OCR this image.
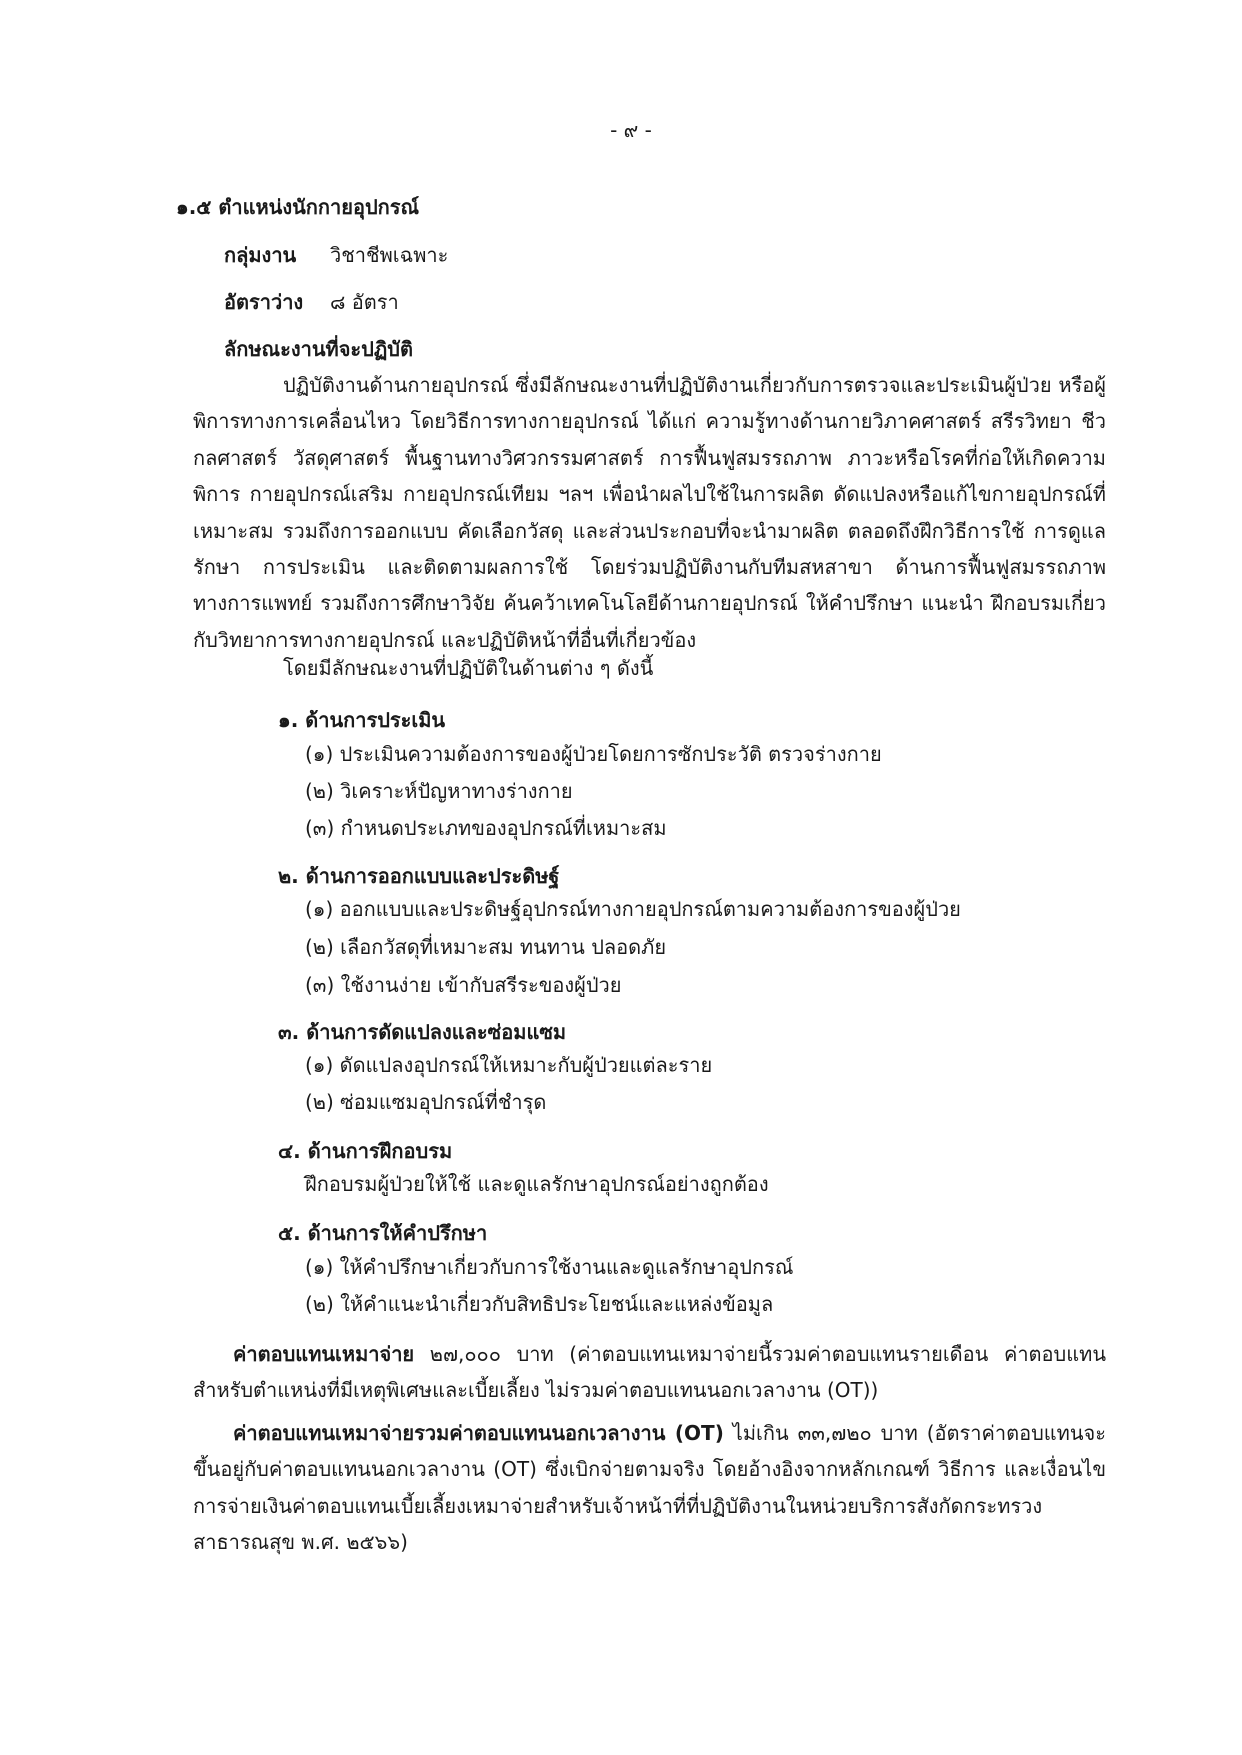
- ๙ -
๑.๕ ตำแหน่งนักกายอุปกรณ์
กลุ่มงาน วิชาชีพเฉพาะ
อัตราว่าง ๘ อัตรา
ลักษณะงานที่จะปฏิบัติ
ปฏิบัติงานด้านกายอุปกรณ์ ซึ่งมีลักษณะงานที่ปฏิบัติงานเกี่ยวกับการตรวจและประเมินผู้ป่วย หรือผู้พิการทางการเคลื่อนไหว โดยวิธีการทางกายอุปกรณ์ ได้แก่ ความรู้ทางด้านกายวิภาคศาสตร์ สรีรวิทยา ชีวกลศาสตร์ วัสดุศาสตร์ พื้นฐานทางวิศวกรรมศาสตร์ การฟื้นฟูสมรรถภาพ ภาวะหรือโรคที่ก่อให้เกิดความพิการ กายอุปกรณ์เสริม กายอุปกรณ์เทียม ฯลฯ เพื่อนำผลไปใช้ในการผลิต ดัดแปลงหรือแก้ไขกายอุปกรณ์ที่เหมาะสม รวมถึงการออกแบบ คัดเลือกวัสดุ และส่วนประกอบที่จะนำมาผลิต ตลอดถึงฝึกวิธีการใช้ การดูแลรักษา การประเมิน และติดตามผลการใช้ โดยร่วมปฏิบัติงานกับทีมสหสาขา ด้านการฟื้นฟูสมรรถภาพทางการแพทย์ รวมถึงการศึกษาวิจัย ค้นคว้าเทคโนโลยีด้านกายอุปกรณ์ ให้คำปรึกษา แนะนำ ฝึกอบรมเกี่ยวกับวิทยาการทางกายอุปกรณ์ และปฏิบัติหน้าที่อื่นที่เกี่ยวข้อง
โดยมีลักษณะงานที่ปฏิบัติในด้านต่าง ๆ ดังนี้
๑. ด้านการประเมิน
(๑) ประเมินความต้องการของผู้ป่วยโดยการซักประวัติ ตรวจร่างกาย
(๒) วิเคราะห์ปัญหาทางร่างกาย
(๓) กำหนดประเภทของอุปกรณ์ที่เหมาะสม
๒. ด้านการออกแบบและประดิษฐ์
(๑) ออกแบบและประดิษฐ์อุปกรณ์ทางกายอุปกรณ์ตามความต้องการของผู้ป่วย
(๒) เลือกวัสดุที่เหมาะสม ทนทาน ปลอดภัย
(๓) ใช้งานง่าย เข้ากับสรีระของผู้ป่วย
๓. ด้านการดัดแปลงและซ่อมแซม
(๑) ดัดแปลงอุปกรณ์ให้เหมาะกับผู้ป่วยแต่ละราย
(๒) ซ่อมแซมอุปกรณ์ที่ชำรุด
๔. ด้านการฝึกอบรม
ฝึกอบรมผู้ป่วยให้ใช้ และดูแลรักษาอุปกรณ์อย่างถูกต้อง
๕. ด้านการให้คำปรึกษา
(๑) ให้คำปรึกษาเกี่ยวกับการใช้งานและดูแลรักษาอุปกรณ์
(๒) ให้คำแนะนำเกี่ยวกับสิทธิประโยชน์และแหล่งข้อมูล
ค่าตอบแทนเหมาจ่าย ๒๗,๐๐๐ บาท (ค่าตอบแทนเหมาจ่ายนี้รวมค่าตอบแทนรายเดือน ค่าตอบแทนสำหรับตำแหน่งที่มีเหตุพิเศษและเบี้ยเลี้ยง ไม่รวมค่าตอบแทนนอกเวลางาน (OT))
ค่าตอบแทนเหมาจ่ายรวมค่าตอบแทนนอกเวลางาน (OT) ไม่เกิน ๓๓,๗๒๐ บาท (อัตราค่าตอบแทนจะขึ้นอยู่กับค่าตอบแทนนอกเวลางาน (OT) ซึ่งเบิกจ่ายตามจริง โดยอ้างอิงจากหลักเกณฑ์ วิธีการ และเงื่อนไขการจ่ายเงินค่าตอบแทนเบี้ยเลี้ยงเหมาจ่ายสำหรับเจ้าหน้าที่ที่ปฏิบัติงานในหน่วยบริการสังกัดกระทรวงสาธารณสุข พ.ศ. ๒๕๖๖)
